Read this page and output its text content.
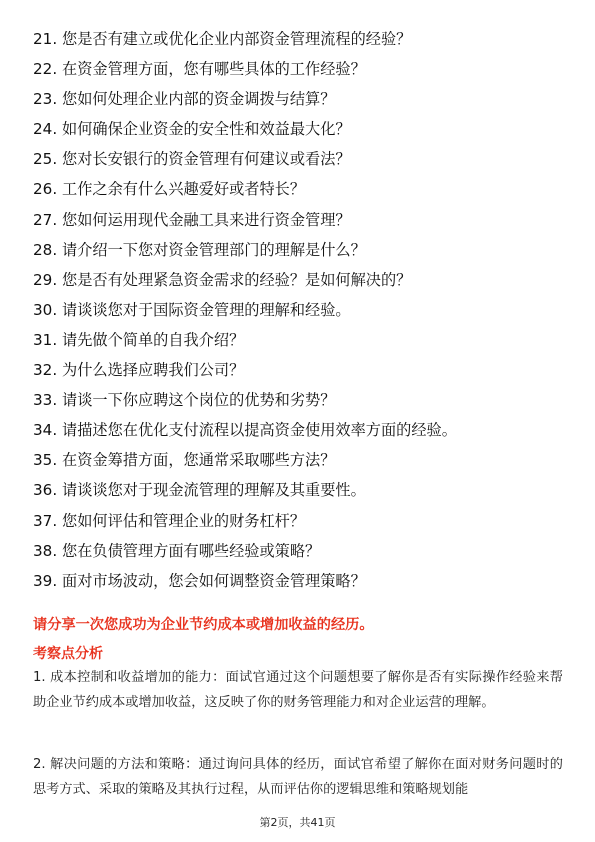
21. 您是否有建立或优化企业内部资金管理流程的经验？
22. 在资金管理方面，您有哪些具体的工作经验？
23. 您如何处理企业内部的资金调拨与结算？
24. 如何确保企业资金的安全性和效益最大化？
25. 您对长安银行的资金管理有何建议或看法？
26. 工作之余有什么兴趣爱好或者特长？
27. 您如何运用现代金融工具来进行资金管理？
28. 请介绍一下您对资金管理部门的理解是什么？
29. 您是否有处理紧急资金需求的经验？是如何解决的？
30. 请谈谈您对于国际资金管理的理解和经验。
31. 请先做个简单的自我介绍？
32. 为什么选择应聘我们公司？
33. 请谈一下你应聘这个岗位的优势和劣势？
34. 请描述您在优化支付流程以提高资金使用效率方面的经验。
35. 在资金筹措方面，您通常采取哪些方法？
36. 请谈谈您对于现金流管理的理解及其重要性。
37. 您如何评估和管理企业的财务杠杆？
38. 您在负债管理方面有哪些经验或策略？
39. 面对市场波动，您会如何调整资金管理策略？
请分享一次您成功为企业节约成本或增加收益的经历。
考察点分析
1. 成本控制和收益增加的能力：面试官通过这个问题想要了解你是否有实际操作经验来帮助企业节约成本或增加收益，这反映了你的财务管理能力和对企业运营的理解。
2. 解决问题的方法和策略：通过询问具体的经历，面试官希望了解你在面对财务问题时的思考方式、采取的策略及其执行过程，从而评估你的逻辑思维和策略规划能
第2页，共41页
